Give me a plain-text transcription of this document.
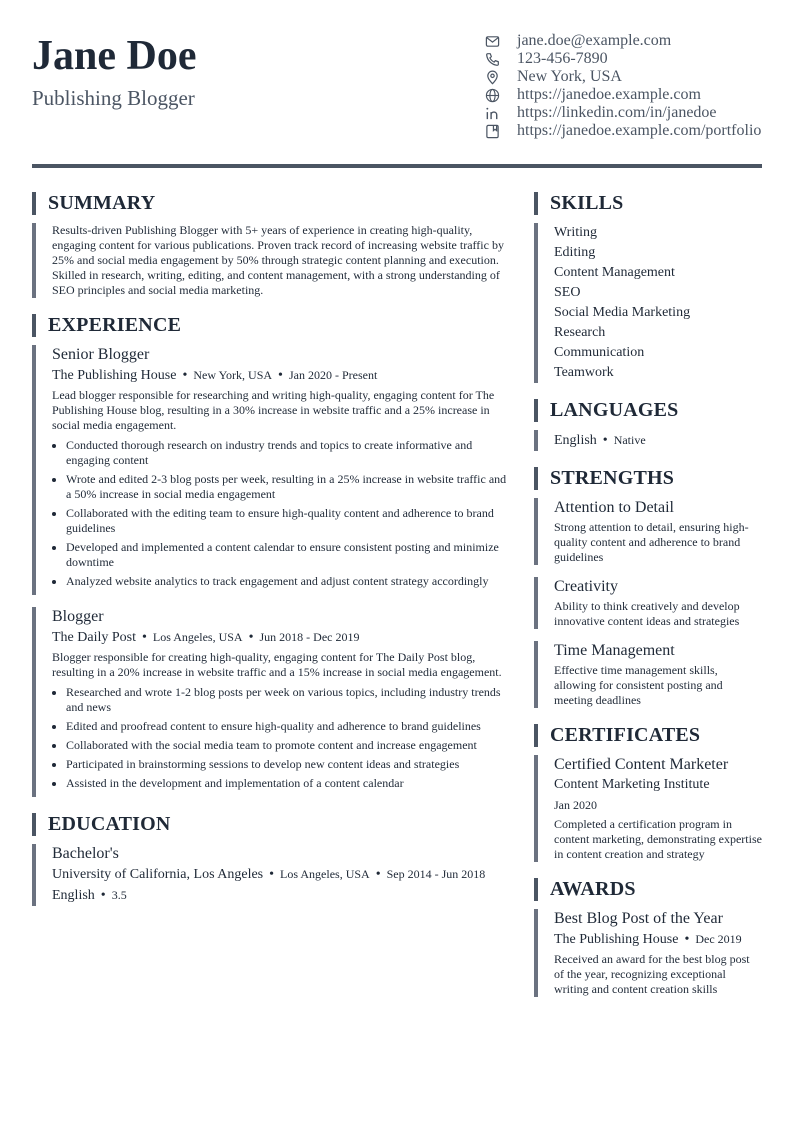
Jane Doe
Publishing Blogger
jane.doe@example.com
123-456-7890
New York, USA
https://janedoe.example.com
https://linkedin.com/in/janedoe
https://janedoe.example.com/portfolio
SUMMARY
Results-driven Publishing Blogger with 5+ years of experience in creating high-quality, engaging content for various publications. Proven track record of increasing website traffic by 25% and social media engagement by 50% through strategic content planning and execution. Skilled in research, writing, editing, and content management, with a strong understanding of SEO principles and social media marketing.
EXPERIENCE
Senior Blogger
The Publishing House • New York, USA • Jan 2020 - Present
Lead blogger responsible for researching and writing high-quality, engaging content for The Publishing House blog, resulting in a 30% increase in website traffic and a 25% increase in social media engagement.
• Conducted thorough research on industry trends and topics to create informative and engaging content
• Wrote and edited 2-3 blog posts per week, resulting in a 25% increase in website traffic and a 50% increase in social media engagement
• Collaborated with the editing team to ensure high-quality content and adherence to brand guidelines
• Developed and implemented a content calendar to ensure consistent posting and minimize downtime
• Analyzed website analytics to track engagement and adjust content strategy accordingly
Blogger
The Daily Post • Los Angeles, USA • Jun 2018 - Dec 2019
Blogger responsible for creating high-quality, engaging content for The Daily Post blog, resulting in a 20% increase in website traffic and a 15% increase in social media engagement.
• Researched and wrote 1-2 blog posts per week on various topics, including industry trends and news
• Edited and proofread content to ensure high-quality and adherence to brand guidelines
• Collaborated with the social media team to promote content and increase engagement
• Participated in brainstorming sessions to develop new content ideas and strategies
• Assisted in the development and implementation of a content calendar
EDUCATION
Bachelor's
University of California, Los Angeles • Los Angeles, USA • Sep 2014 - Jun 2018
English • 3.5
SKILLS
Writing
Editing
Content Management
SEO
Social Media Marketing
Research
Communication
Teamwork
LANGUAGES
English • Native
STRENGTHS
Attention to Detail
Strong attention to detail, ensuring high-quality content and adherence to brand guidelines
Creativity
Ability to think creatively and develop innovative content ideas and strategies
Time Management
Effective time management skills, allowing for consistent posting and meeting deadlines
CERTIFICATES
Certified Content Marketer
Content Marketing Institute
Jan 2020
Completed a certification program in content marketing, demonstrating expertise in content creation and strategy
AWARDS
Best Blog Post of the Year
The Publishing House • Dec 2019
Received an award for the best blog post of the year, recognizing exceptional writing and content creation skills
